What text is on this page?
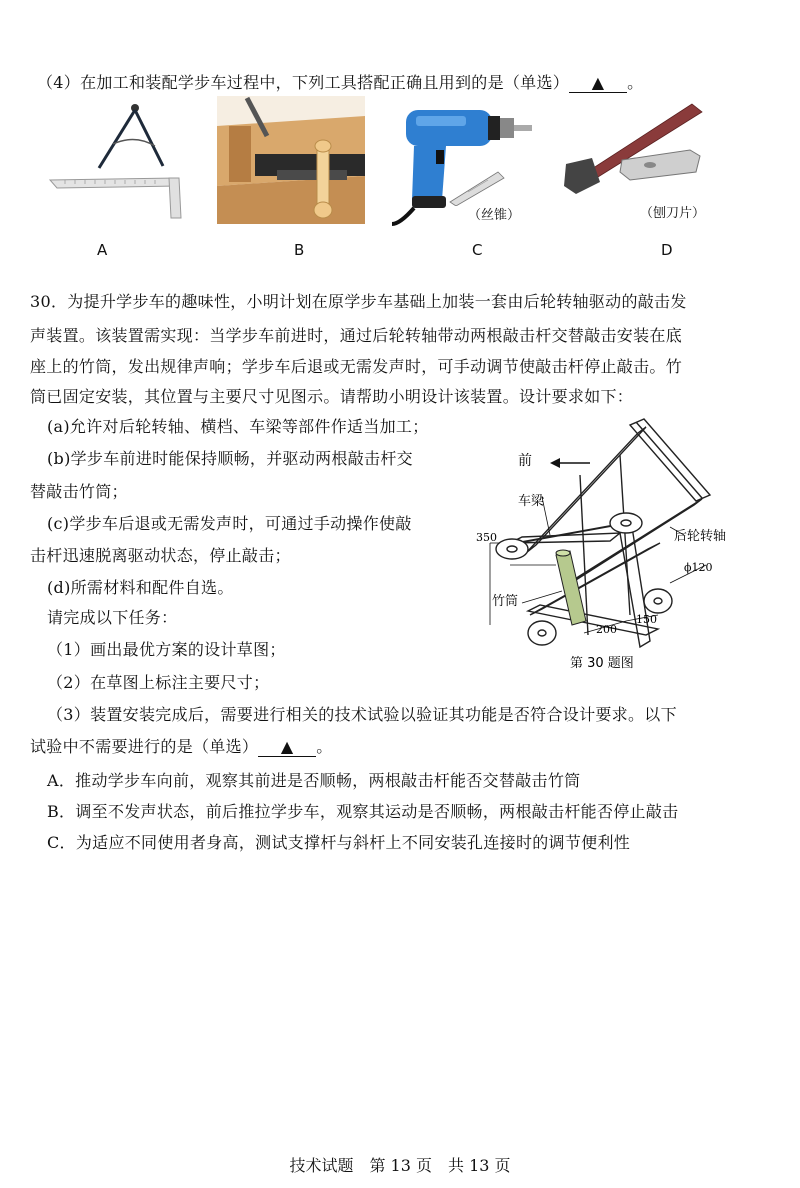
（4）在加工和装配学步车过程中，下列工具搭配正确且用到的是（单选） ▲ 。
（丝锥）	（刨刀片）
A	B	C	D
30．为提升学步车的趣味性，小明计划在原学步车基础上加装一套由后轮转轴驱动的敲击发
声装置。该装置需实现：当学步车前进时，通过后轮转轴带动两根敲击杆交替敲击安装在底
座上的竹筒，发出规律声响；学步车后退或无需发声时，可手动调节使敲击杆停止敲击。竹
筒已固定安装，其位置与主要尺寸见图示。请帮助小明设计该装置。设计要求如下：
(a)允许对后轮转轴、横档、车梁等部件作适当加工；
(b)学步车前进时能保持顺畅，并驱动两根敲击杆交
替敲击竹筒；
(c)学步车后退或无需发声时，可通过手动操作使敲
击杆迅速脱离驱动状态，停止敲击；
(d)所需材料和配件自选。
请完成以下任务：
（1）画出最优方案的设计草图；
（2）在草图上标注主要尺寸；
（3）装置安装完成后，需要进行相关的技术试验以验证其功能是否符合设计要求。以下
试验中不需要进行的是（单选） ▲ 。
A．推动学步车向前，观察其前进是否顺畅，两根敲击杆能否交替敲击竹筒
B．调至不发声状态，前后推拉学步车，观察其运动是否顺畅，两根敲击杆能否停止敲击
C．为适应不同使用者身高，测试支撑杆与斜杆上不同安装孔连接时的调节便利性
前
车梁
后轮转轴
350
竹筒
200
150
ϕ120
第 30 题图
技术试题　第 13 页　共 13 页
